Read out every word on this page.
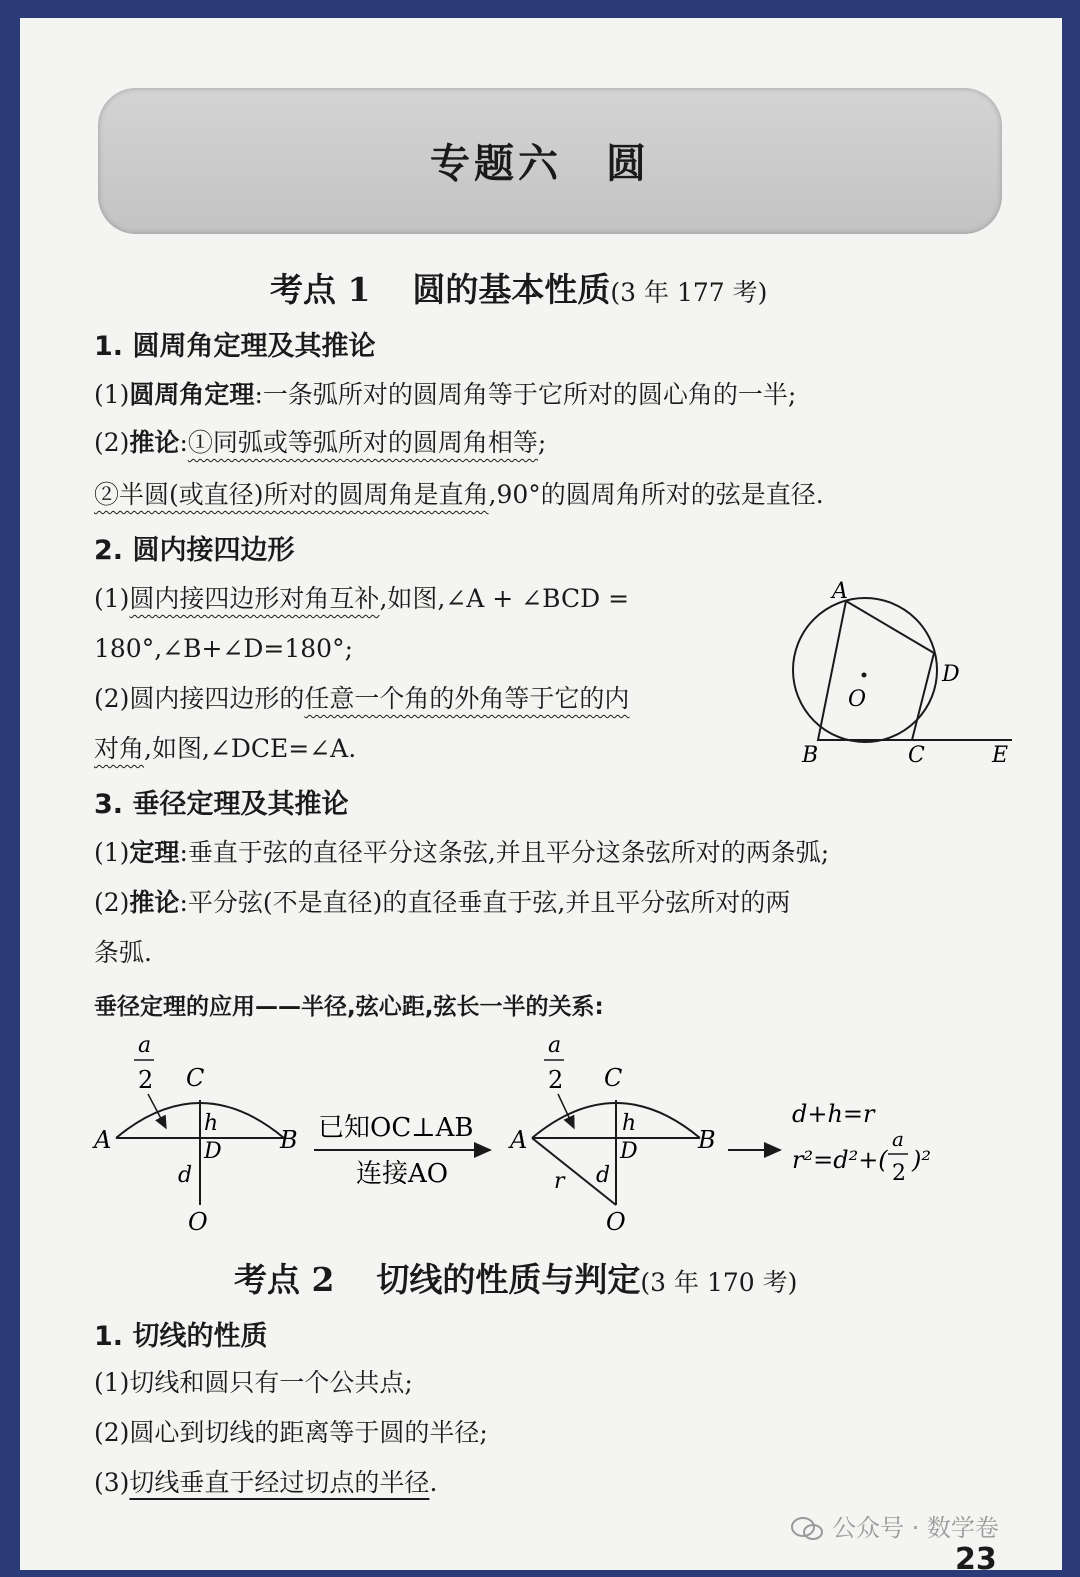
专题六　圆
考点 1 圆的基本性质(3 年 177 考)
1. 圆周角定理及其推论
(1)圆周角定理:一条弧所对的圆周角等于它所对的圆心角的一半;
(2)推论:①同弧或等弧所对的圆周角相等;
②半圆(或直径)所对的圆周角是直角,90°的圆周角所对的弦是直径.
2. 圆内接四边形
(1)圆内接四边形对角互补,如图,∠A + ∠BCD =
180°,∠B+∠D=180°;
(2)圆内接四边形的任意一个角的外角等于它的内
对角,如图,∠DCE=∠A.
A
D
O
B	C	E
3. 垂径定理及其推论
(1)定理:垂直于弦的直径平分这条弦,并且平分这条弦所对的两条弧;
(2)推论:平分弦(不是直径)的直径垂直于弦,并且平分弦所对的两
条弧.
垂径定理的应用——半径,弦心距,弦长一半的关系:
a
2 C
h
A	B
D
d
O
已知OC⊥AB
连接AO
a
2 C
h
A	B
D
d
r
O
d+h=r
r²=d²+(
a
2 )²
考点 2 切线的性质与判定(3 年 170 考)
1. 切线的性质
(1)切线和圆只有一个公共点;
(2)圆心到切线的距离等于圆的半径;
(3)切线垂直于经过切点的半径.
公众号 · 数学卷
23
